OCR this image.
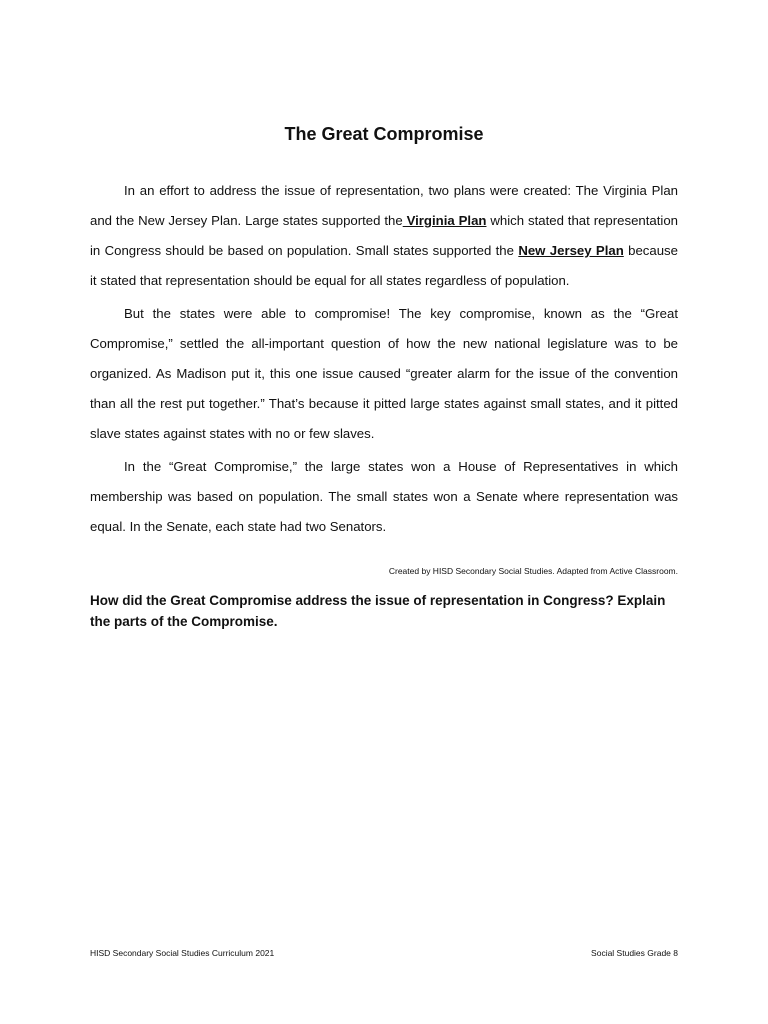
The Great Compromise

In an effort to address the issue of representation, two plans were created: The Virginia Plan and the New Jersey Plan. Large states supported the Virginia Plan which stated that representation in Congress should be based on population. Small states supported the New Jersey Plan because it stated that representation should be equal for all states regardless of population.

But the states were able to compromise! The key compromise, known as the “Great Compromise,” settled the all-important question of how the new national legislature was to be organized. As Madison put it, this one issue caused “greater alarm for the issue of the convention than all the rest put together.” That’s because it pitted large states against small states, and it pitted slave states against states with no or few slaves.

In the “Great Compromise,” the large states won a House of Representatives in which membership was based on population. The small states won a Senate where representation was equal. In the Senate, each state had two Senators.

Created by HISD Secondary Social Studies. Adapted from Active Classroom.

How did the Great Compromise address the issue of representation in Congress? Explain the parts of the Compromise.

HISD Secondary Social Studies Curriculum 2021	Social Studies Grade 8
